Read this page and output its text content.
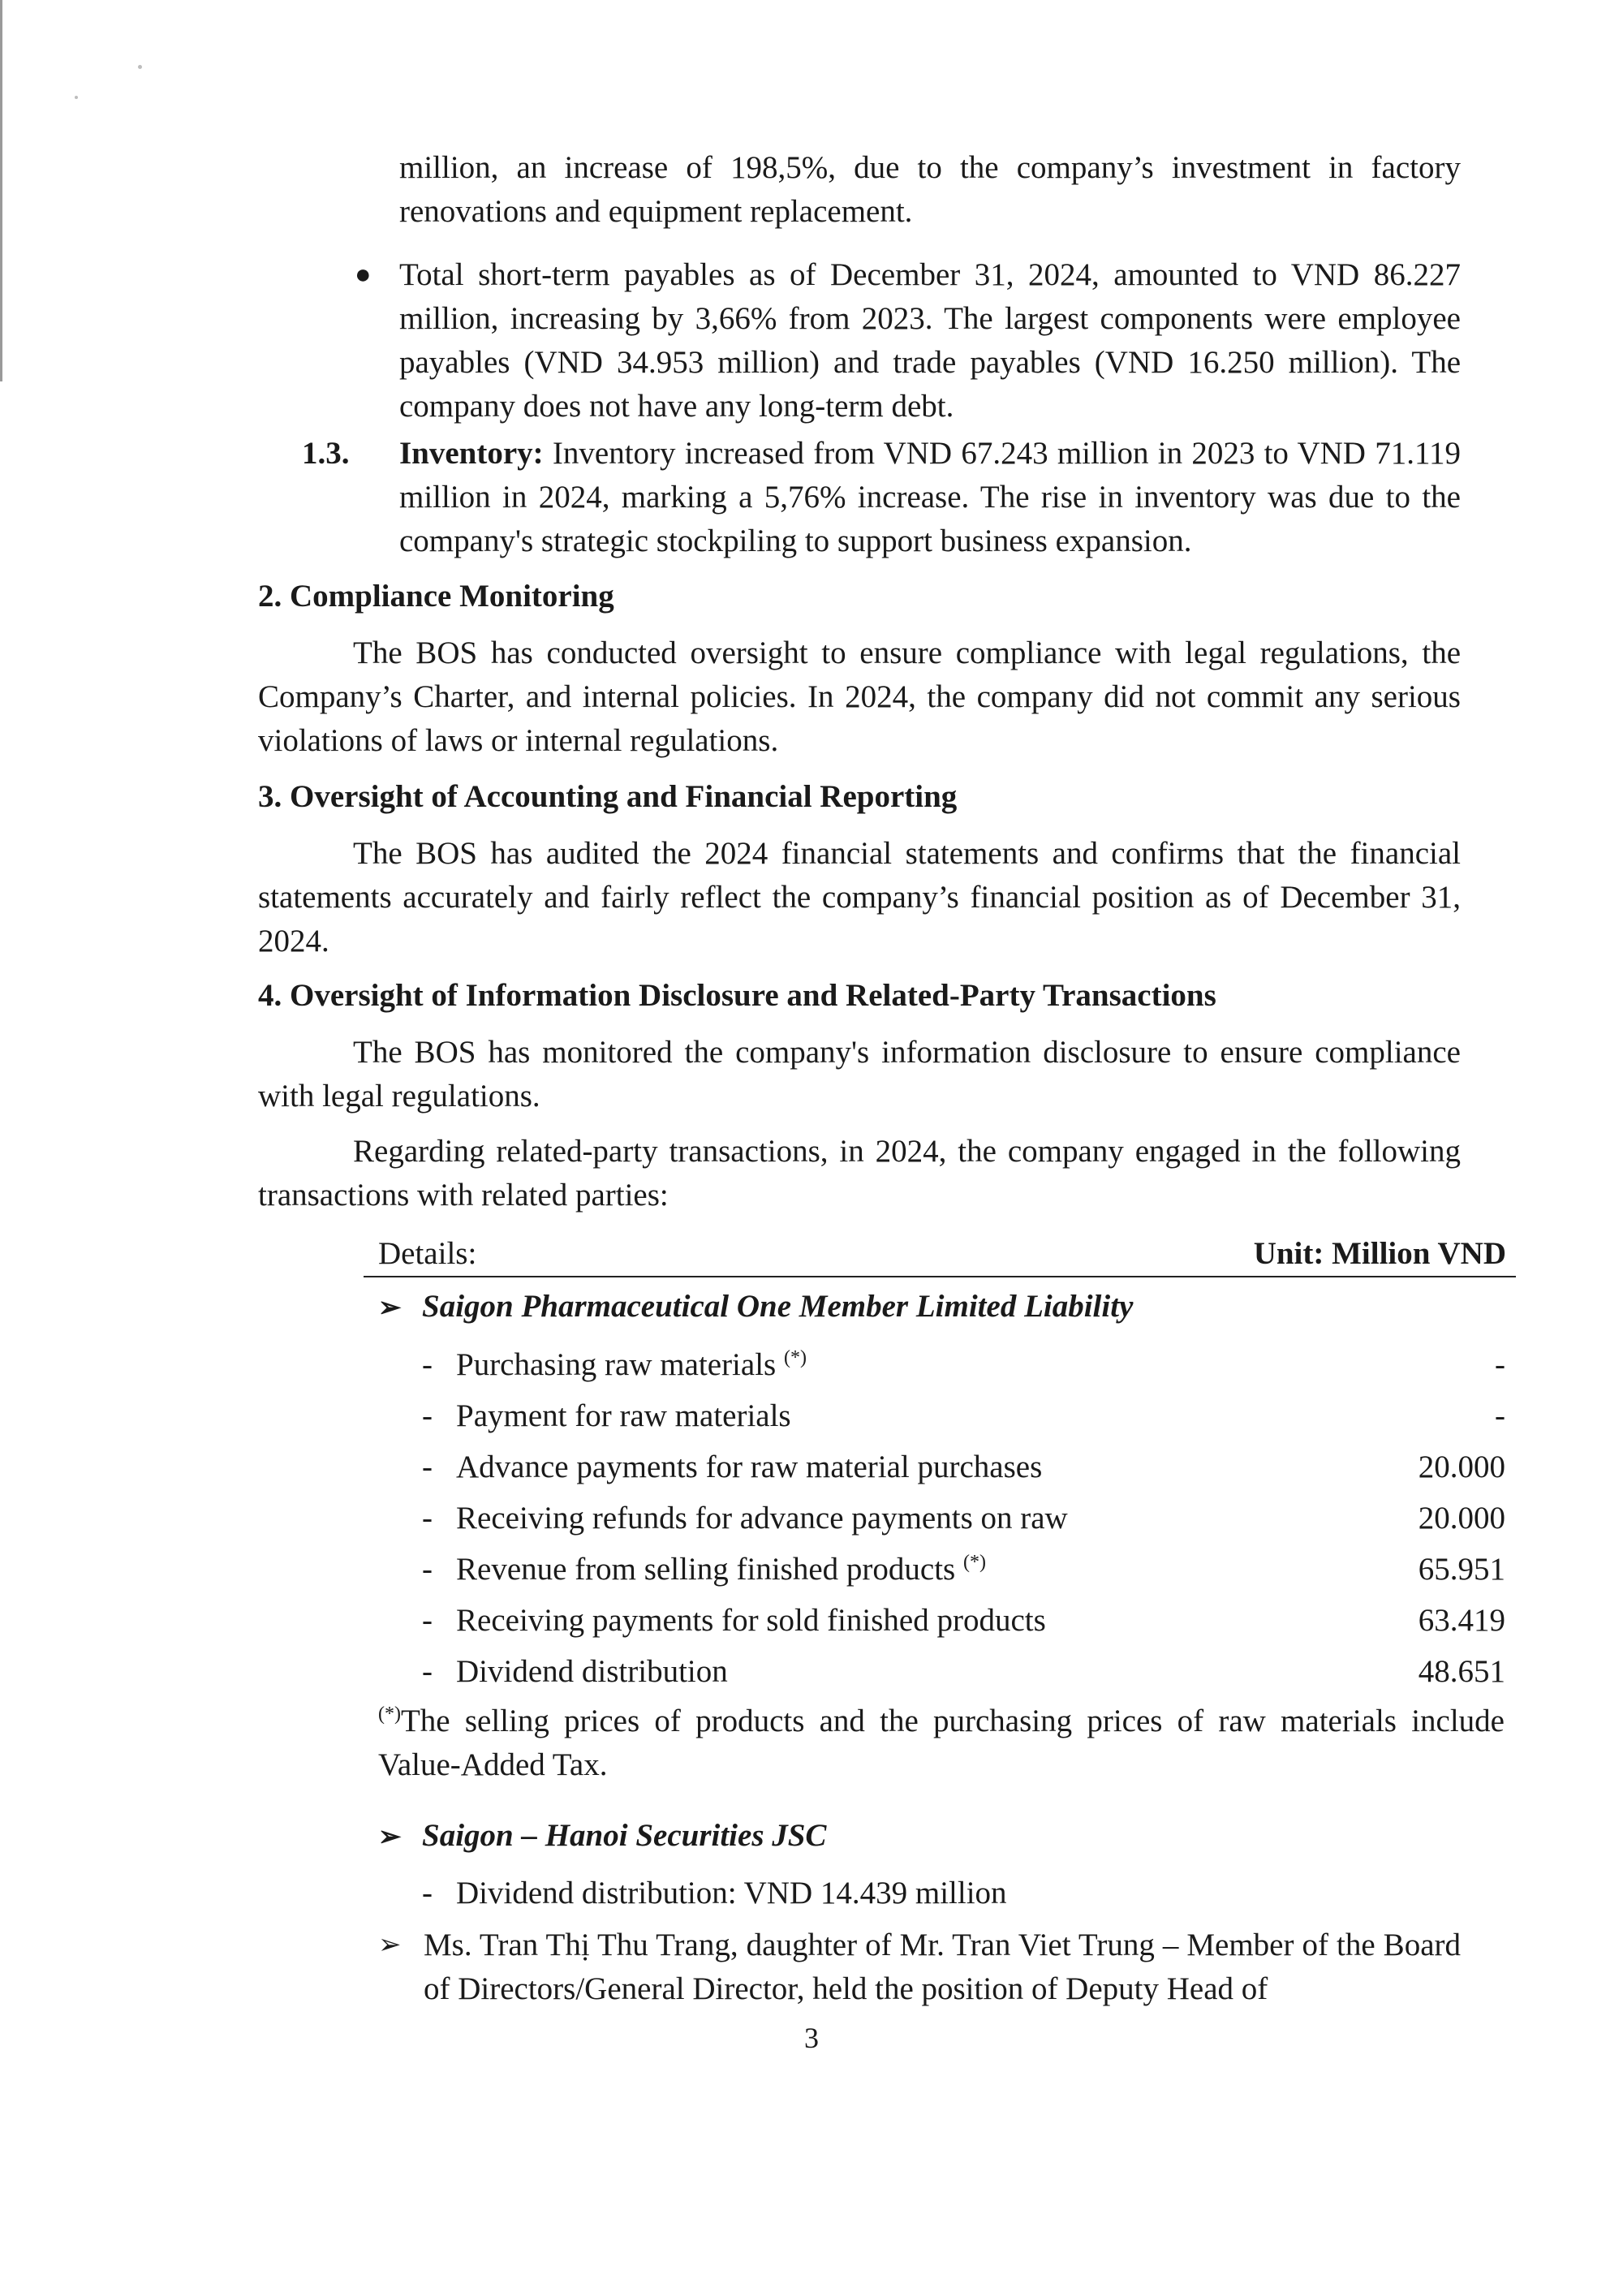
million, an increase of 198,5%, due to the company’s investment in factory renovations and equipment replacement.

● Total short-term payables as of December 31, 2024, amounted to VND 86.227 million, increasing by 3,66% from 2023. The largest components were employee payables (VND 34.953 million) and trade payables (VND 16.250 million). The company does not have any long-term debt.

1.3. Inventory: Inventory increased from VND 67.243 million in 2023 to VND 71.119 million in 2024, marking a 5,76% increase. The rise in inventory was due to the company's strategic stockpiling to support business expansion.

2. Compliance Monitoring

The BOS has conducted oversight to ensure compliance with legal regulations, the Company’s Charter, and internal policies. In 2024, the company did not commit any serious violations of laws or internal regulations.

3. Oversight of Accounting and Financial Reporting

The BOS has audited the 2024 financial statements and confirms that the financial statements accurately and fairly reflect the company’s financial position as of December 31, 2024.

4. Oversight of Information Disclosure and Related-Party Transactions

The BOS has monitored the company's information disclosure to ensure compliance with legal regulations.

Regarding related-party transactions, in 2024, the company engaged in the following transactions with related parties:

Details:	Unit: Million VND
➢ Saigon Pharmaceutical One Member Limited Liability
- Purchasing raw materials (*)	-
- Payment for raw materials	-
- Advance payments for raw material purchases	20.000
- Receiving refunds for advance payments on raw	20.000
- Revenue from selling finished products (*)	65.951
- Receiving payments for sold finished products	63.419
- Dividend distribution	48.651

(*)The selling prices of products and the purchasing prices of raw materials include Value-Added Tax.

➢ Saigon – Hanoi Securities JSC
- Dividend distribution: VND 14.439 million
➢ Ms. Tran Thị Thu Trang, daughter of Mr. Tran Viet Trung – Member of the Board of Directors/General Director, held the position of Deputy Head of

3
